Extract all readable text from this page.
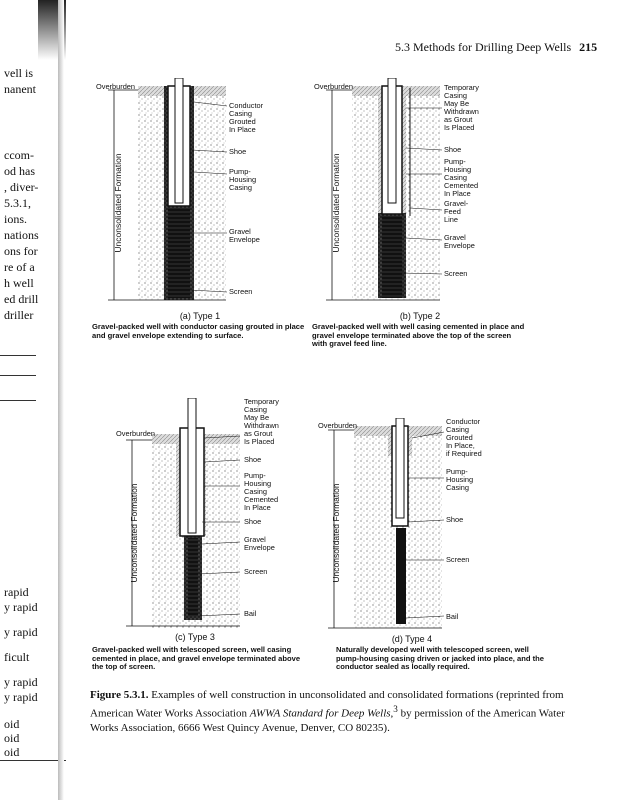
vell is
nanent
ccom-
od has
, diver-
5.3.1,
ions.
nations
ons for
re of a
h well
ed drill
driller
rapid
y rapid
y rapid
ficult
y rapid
y rapid
oid
oid
oid
5.3 Methods for Drilling Deep Wells 215
Overburden
Unconsolidated Formation
Conductor
Casing
Grouted
In Place
Shoe
Pump-
Housing
Casing
Gravel
Envelope
Screen
(a) Type 1
Gravel-packed well with conductor casing grouted in place and gravel envelope extending to surface.
Overburden
Unconsolidated Formation
Temporary
Casing
May Be
Withdrawn
as Grout
Is Placed
Shoe
Pump-
Housing
Casing
Cemented
In Place
Gravel-
Feed
Line
Gravel
Envelope
Screen
(b) Type 2
Gravel-packed well with well casing cemented in place and gravel envelope terminated above the top of the screen with gravel feed line.
Overburden
Unconsolidated Formation
Temporary
Casing
May Be
Withdrawn
as Grout
Is Placed
Shoe
Pump-
Housing
Casing
Cemented
In Place
Shoe
Gravel
Envelope
Screen
Bail
(c) Type 3
Gravel-packed well with telescoped screen, well casing cemented in place, and gravel envelope terminated above the top of screen.
Overburden
Unconsolidated Formation
Conductor
Casing
Grouted
In Place,
if Required
Pump-
Housing
Casing
Shoe
Screen
Bail
(d) Type 4
Naturally developed well with telescoped screen, well pump-housing casing driven or jacked into place, and the conductor sealed as locally required.
Figure 5.3.1. Examples of well construction in unconsolidated and consolidated formations (reprinted from American Water Works Association AWWA Standard for Deep Wells,$^3$ by permission of the American Water Works Association, 6666 West Quincy Avenue, Denver, CO 80235).
